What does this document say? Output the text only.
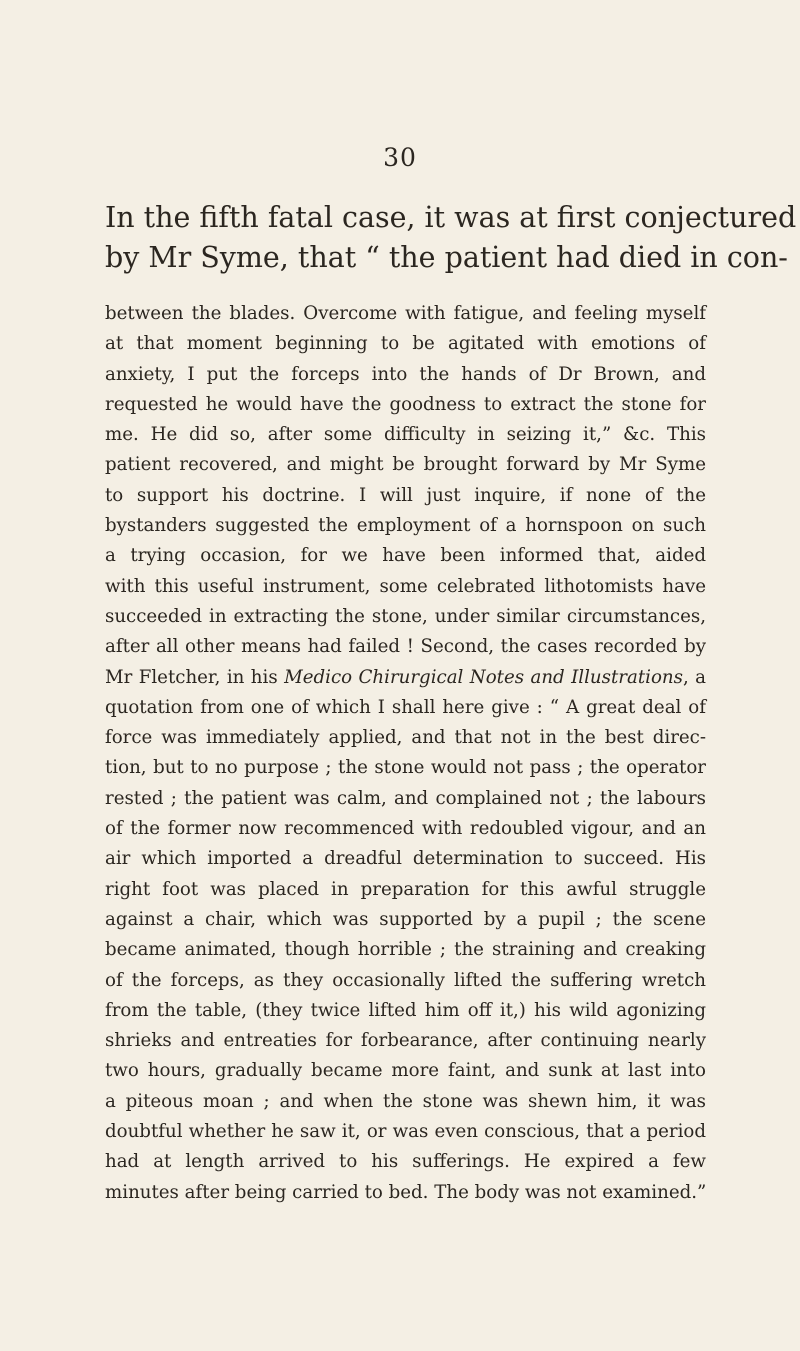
30
In the fifth fatal case, it was at first conjectured
by Mr Syme, that “ the patient had died in con-
between the blades. Overcome with fatigue, and feeling myself
at that moment beginning to be agitated with emotions of
anxiety, I put the forceps into the hands of Dr Brown, and
requested he would have the goodness to extract the stone for
me. He did so, after some difficulty in seizing it,” &c. This
patient recovered, and might be brought forward by Mr Syme
to support his doctrine. I will just inquire, if none of the
bystanders suggested the employment of a hornspoon on such
a trying occasion, for we have been informed that, aided
with this useful instrument, some celebrated lithotomists have
succeeded in extracting the stone, under similar circumstances,
after all other means had failed ! Second, the cases recorded by
Mr Fletcher, in his Medico Chirurgical Notes and Illustrations, a
quotation from one of which I shall here give : “ A great deal of
force was immediately applied, and that not in the best direc-
tion, but to no purpose ; the stone would not pass ; the operator
rested ; the patient was calm, and complained not ; the labours
of the former now recommenced with redoubled vigour, and an
air which imported a dreadful determination to succeed. His
right foot was placed in preparation for this awful struggle
against a chair, which was supported by a pupil ; the scene
became animated, though horrible ; the straining and creaking
of the forceps, as they occasionally lifted the suffering wretch
from the table, (they twice lifted him off it,) his wild agonizing
shrieks and entreaties for forbearance, after continuing nearly
two hours, gradually became more faint, and sunk at last into
a piteous moan ; and when the stone was shewn him, it was
doubtful whether he saw it, or was even conscious, that a period
had at length arrived to his sufferings. He expired a few
minutes after being carried to bed. The body was not examined.”
